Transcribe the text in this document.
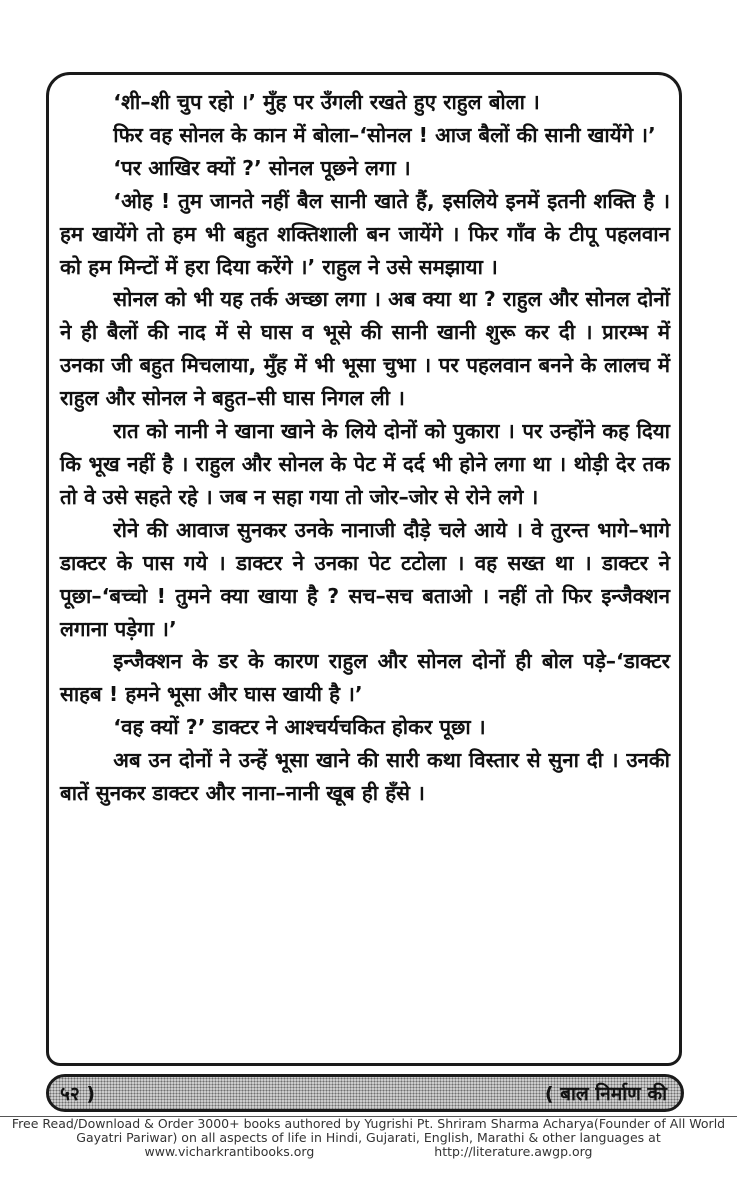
‘शी–शी चुप रहो ।’ मुँह पर उँगली रखते हुए राहुल बोला ।

फिर वह सोनल के कान में बोला–‘सोनल ! आज बैलों की सानी खायेंगे ।’

‘पर आखिर क्यों ?’ सोनल पूछने लगा ।

‘ओह ! तुम जानते नहीं बैल सानी खाते हैं, इसलिये इनमें इतनी शक्ति है । हम खायेंगे तो हम भी बहुत शक्तिशाली बन जायेंगे । फिर गाँव के टीपू पहलवान को हम मिन्टों में हरा दिया करेंगे ।’ राहुल ने उसे समझाया ।

सोनल को भी यह तर्क अच्छा लगा । अब क्या था ? राहुल और सोनल दोनों ने ही बैलों की नाद में से घास व भूसे की सानी खानी शुरू कर दी । प्रारम्भ में उनका जी बहुत मिचलाया, मुँह में भी भूसा चुभा । पर पहलवान बनने के लालच में राहुल और सोनल ने बहुत–सी घास निगल ली ।

रात को नानी ने खाना खाने के लिये दोनों को पुकारा । पर उन्होंने कह दिया कि भूख नहीं है । राहुल और सोनल के पेट में दर्द भी होने लगा था । थोड़ी देर तक तो वे उसे सहते रहे । जब न सहा गया तो जोर–जोर से रोने लगे ।

रोने की आवाज सुनकर उनके नानाजी दौड़े चले आये । वे तुरन्त भागे–भागे डाक्टर के पास गये । डाक्टर ने उनका पेट टटोला । वह सख्त था । डाक्टर ने पूछा–‘बच्चो ! तुमने क्या खाया है ? सच–सच बताओ । नहीं तो फिर इन्जैक्शन लगाना पड़ेगा ।’

इन्जैक्शन के डर के कारण राहुल और सोनल दोनों ही बोल पड़े–‘डाक्टर साहब ! हमने भूसा और घास खायी है ।’

‘वह क्यों ?’ डाक्टर ने आश्चर्यचकित होकर पूछा ।

अब उन दोनों ने उन्हें भूसा खाने की सारी कथा विस्तार से सुना दी । उनकी बातें सुनकर डाक्टर और नाना–नानी खूब ही हँसे ।

५२ )	( बाल निर्माण की
Free Read/Download & Order 3000+ books authored by Yugrishi Pt. Shriram Sharma Acharya(Founder of All World Gayatri Pariwar) on all aspects of life in Hindi, Gujarati, English, Marathi & other languages at
www.vicharkrantibooks.org	http://literature.awgp.org
